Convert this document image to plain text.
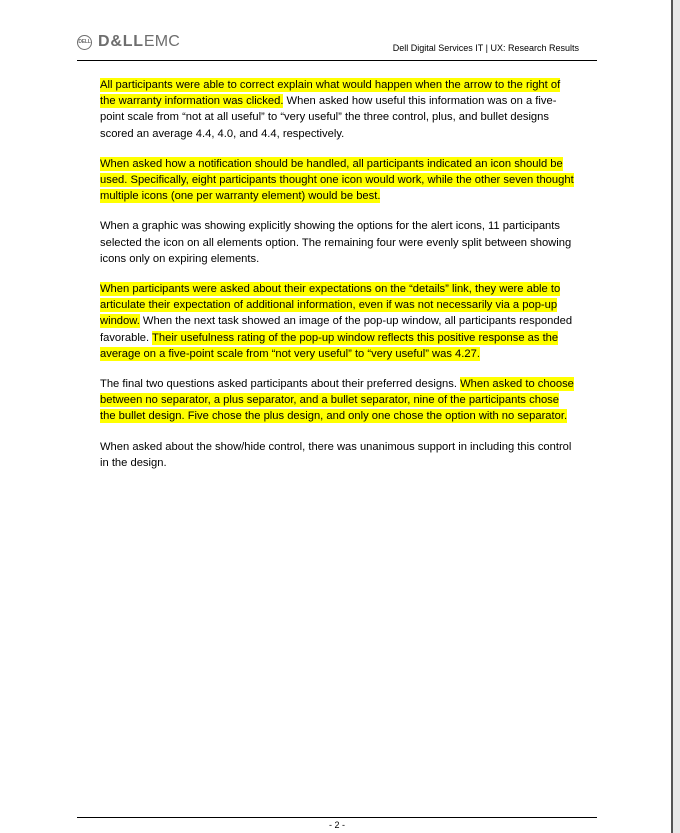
DELL D&LLEMC	Dell Digital Services IT | UX: Research Results

All participants were able to correct explain what would happen when the arrow to the right of the warranty information was clicked. When asked how useful this information was on a five-point scale from “not at all useful” to “very useful” the three control, plus, and bullet designs scored an average 4.4, 4.0, and 4.4, respectively.

When asked how a notification should be handled, all participants indicated an icon should be used. Specifically, eight participants thought one icon would work, while the other seven thought multiple icons (one per warranty element) would be best.

When a graphic was showing explicitly showing the options for the alert icons, 11 participants selected the icon on all elements option. The remaining four were evenly split between showing icons only on expiring elements.

When participants were asked about their expectations on the “details” link, they were able to articulate their expectation of additional information, even if was not necessarily via a pop-up window. When the next task showed an image of the pop-up window, all participants responded favorable. Their usefulness rating of the pop-up window reflects this positive response as the average on a five-point scale from “not very useful” to “very useful” was 4.27.

The final two questions asked participants about their preferred designs. When asked to choose between no separator, a plus separator, and a bullet separator, nine of the participants chose the bullet design. Five chose the plus design, and only one chose the option with no separator.

When asked about the show/hide control, there was unanimous support in including this control in the design.

- 2 -
